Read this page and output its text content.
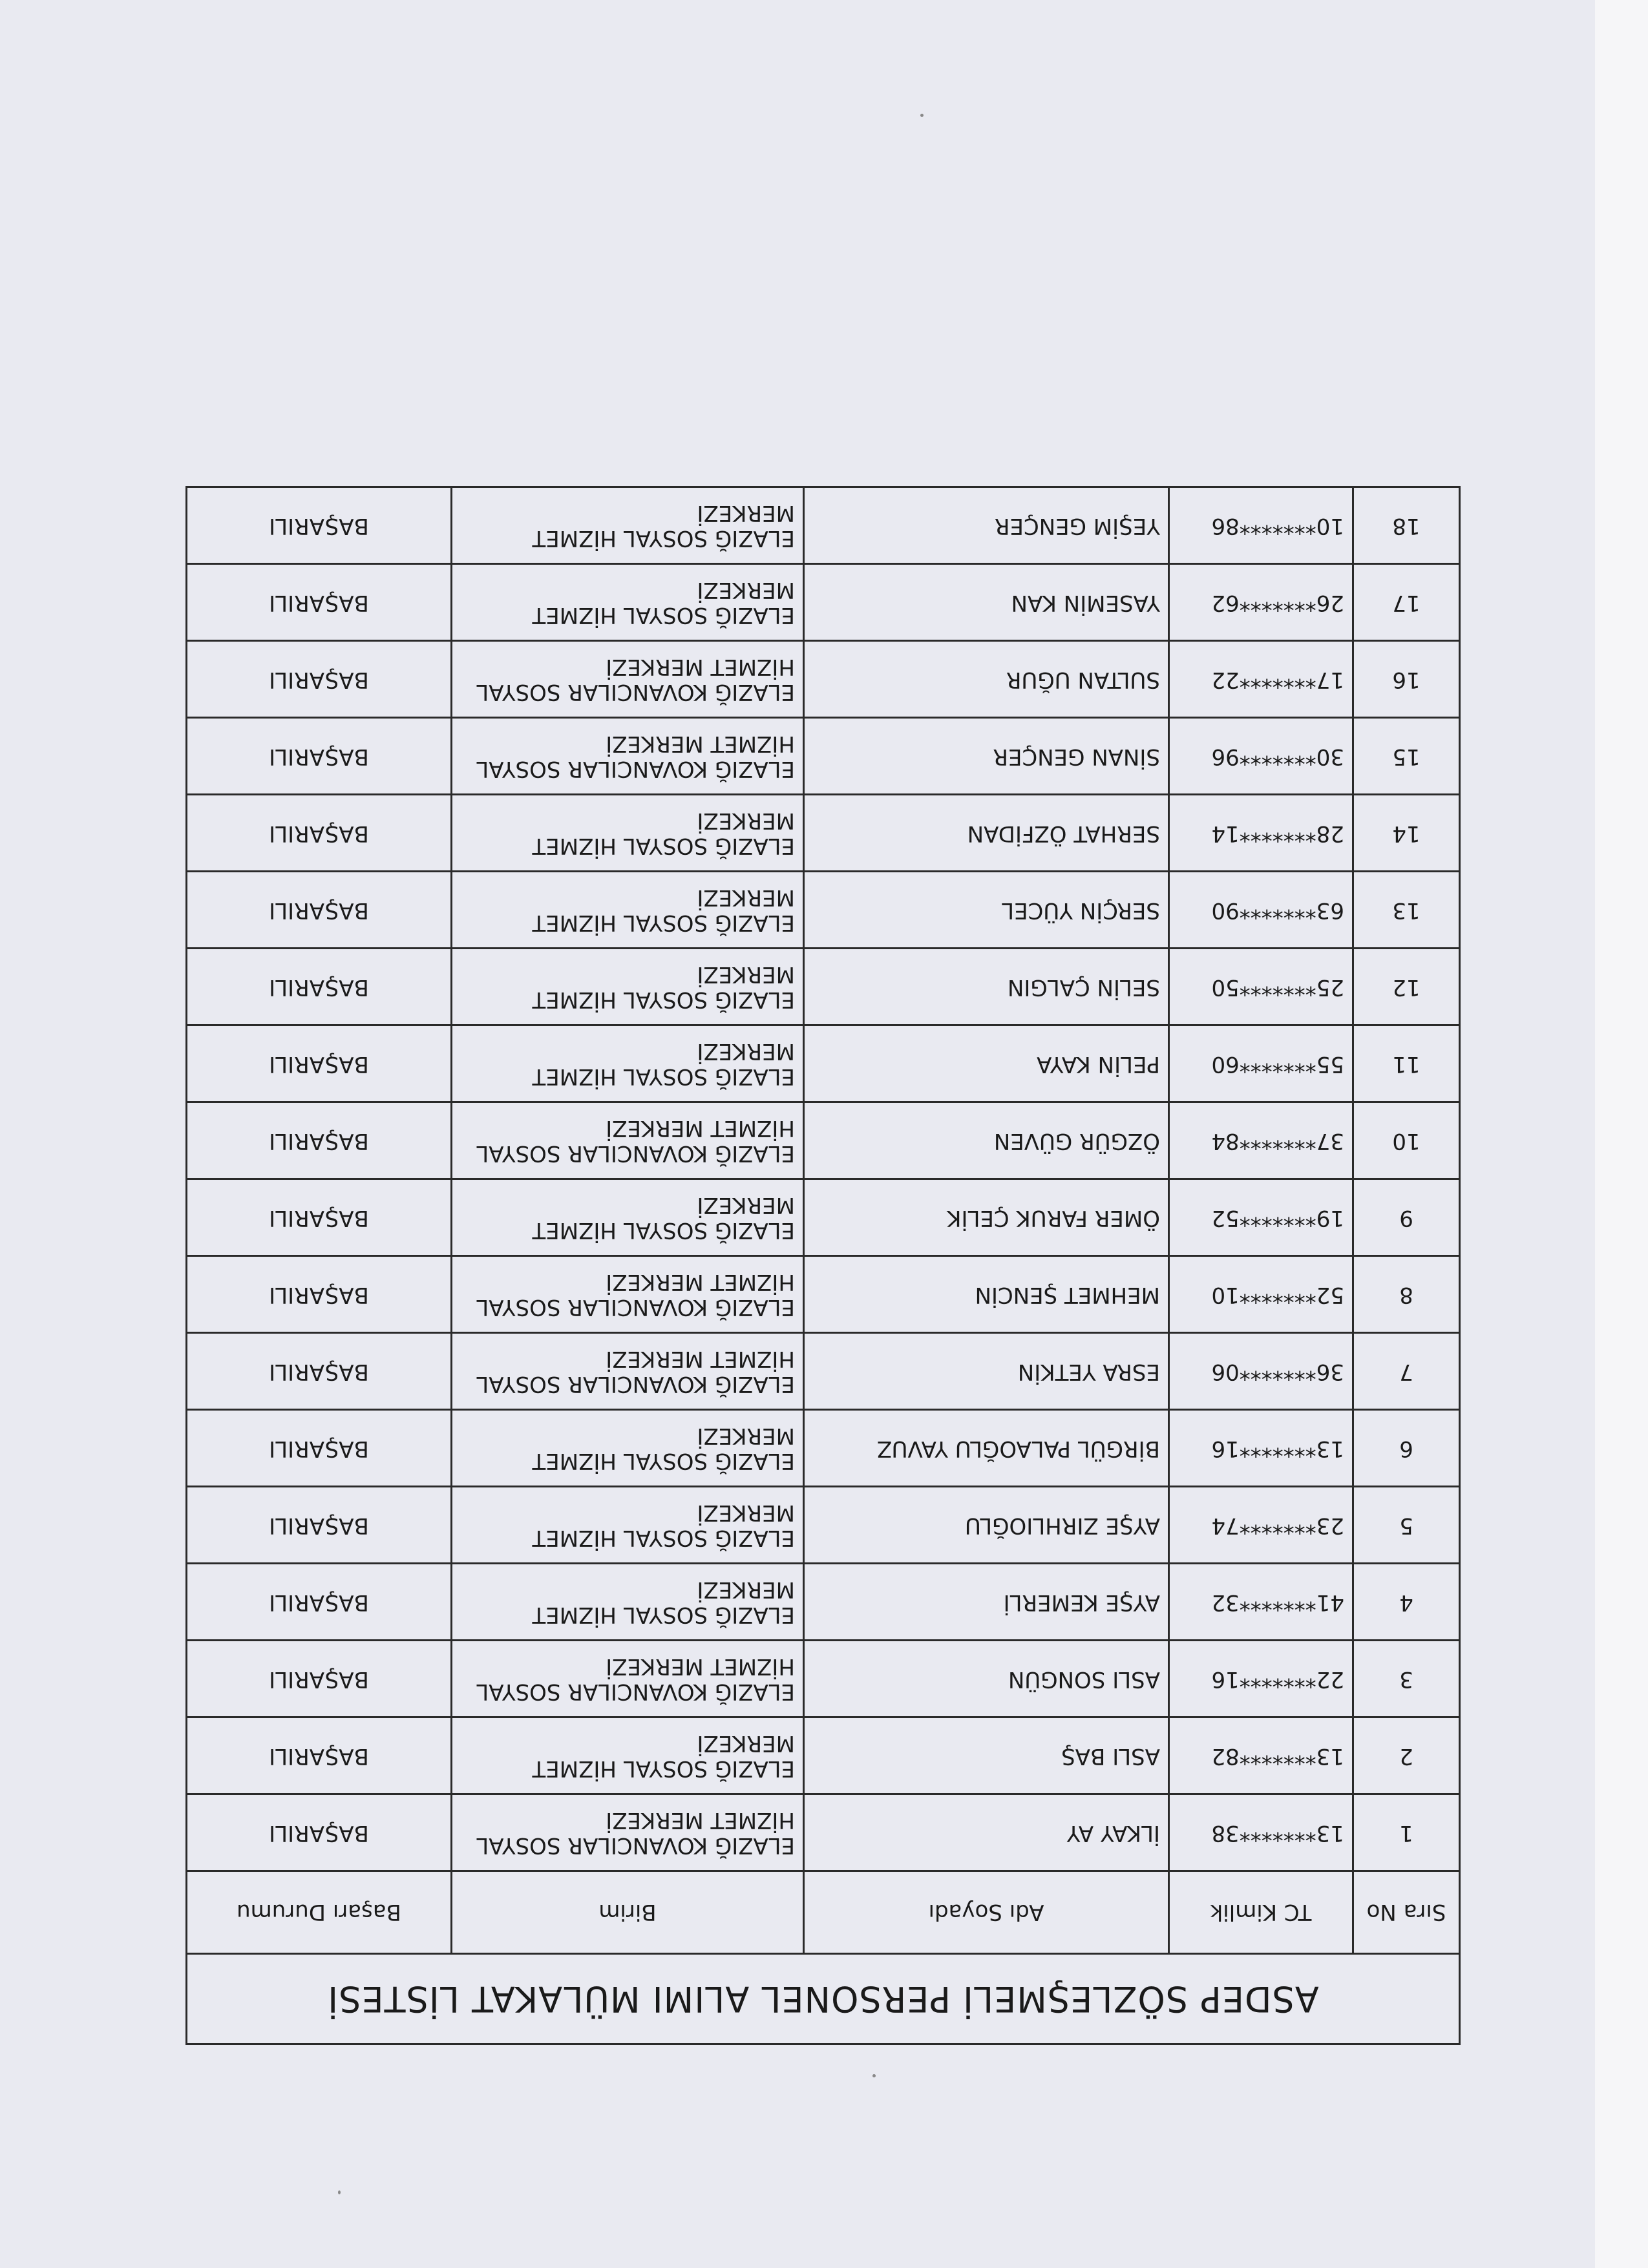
ASDEP SÖZLEŞMELİ PERSONEL ALIMI MÜLAKAT LİSTESİ				
Sıra No	TC Kimlik	Adı Soyadı	Birim	Başarı Durumu
1	13*******38	İLKAY AY	ELAZIĞ KOVANCILAR SOSYAL HİZMET MERKEZİ	BAŞARILI
2	13*******82	ASLI BAŞ	ELAZIĞ SOSYAL HİZMET MERKEZİ	BAŞARILI
3	22*******16	ASLI SONGÜN	ELAZIĞ KOVANCILAR SOSYAL HİZMET MERKEZİ	BAŞARILI
4	41*******32	AYŞE KEMERLİ	ELAZIĞ SOSYAL HİZMET MERKEZİ	BAŞARILI
5	23*******74	AYŞE ZIRHLIOĞLU	ELAZIĞ SOSYAL HİZMET MERKEZİ	BAŞARILI
6	13*******16	BİRGÜL PALAOĞLU YAVUZ	ELAZIĞ SOSYAL HİZMET MERKEZİ	BAŞARILI
7	36*******06	ESRA YETKİN	ELAZIĞ KOVANCILAR SOSYAL HİZMET MERKEZİ	BAŞARILI
8	52*******10	MEHMET ŞENCİN	ELAZIĞ KOVANCILAR SOSYAL HİZMET MERKEZİ	BAŞARILI
9	19*******52	ÖMER FARUK ÇELİK	ELAZIĞ SOSYAL HİZMET MERKEZİ	BAŞARILI
10	37*******84	ÖZGÜR GÜVEN	ELAZIĞ KOVANCILAR SOSYAL HİZMET MERKEZİ	BAŞARILI
11	55*******60	PELİN KAYA	ELAZIĞ SOSYAL HİZMET MERKEZİ	BAŞARILI
12	25*******50	SELİN ÇALGIN	ELAZIĞ SOSYAL HİZMET MERKEZİ	BAŞARILI
13	63*******90	SERÇİN YÜCEL	ELAZIĞ SOSYAL HİZMET MERKEZİ	BAŞARILI
14	28*******14	SERHAT ÖZFİDAN	ELAZIĞ SOSYAL HİZMET MERKEZİ	BAŞARILI
15	30*******96	SİNAN GENÇER	ELAZIĞ KOVANCILAR SOSYAL HİZMET MERKEZİ	BAŞARILI
16	17*******22	SULTAN UĞUR	ELAZIĞ KOVANCILAR SOSYAL HİZMET MERKEZİ	BAŞARILI
17	26*******62	YASEMİN KAN	ELAZIĞ SOSYAL HİZMET MERKEZİ	BAŞARILI
18	10*******86	YEŞİM GENÇER	ELAZIĞ SOSYAL HİZMET MERKEZİ	BAŞARILI
